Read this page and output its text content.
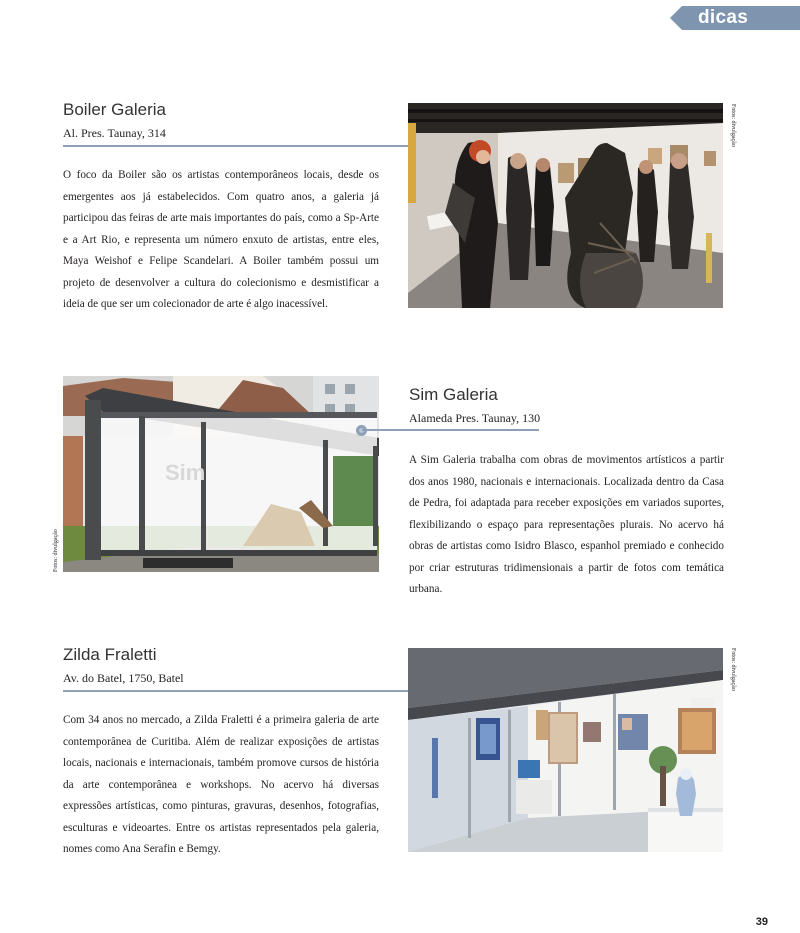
dicas
Boiler Galeria
Al. Pres. Taunay, 314
O foco da Boiler são os artistas contemporâneos locais, desde os emergentes aos já estabelecidos. Com quatro anos, a galeria já participou das feiras de arte mais importantes do país, como a Sp-Arte e a Art Rio, e representa um número enxuto de artistas, entre eles, Maya Weishof e Felipe Scandelari. A Boiler também possui um projeto de desenvolver a cultura do colecionismo e desmistificar a ideia de que ser um colecionador de arte é algo inacessível.
Fotos: divulgação
Sim
Fotos: divulgação
Sim Galeria
Alameda Pres. Taunay, 130
A Sim Galeria trabalha com obras de movimentos artísticos a partir dos anos 1980, nacionais e internacionais. Localizada dentro da Casa de Pedra, foi adaptada para receber exposições em variados suportes, flexibilizando o espaço para representações plurais. No acervo há obras de artistas como Isidro Blasco, espanhol premiado e conhecido por criar estruturas tridimensionais a partir de fotos com temática urbana.
Zilda Fraletti
Av. do Batel, 1750, Batel
Com 34 anos no mercado, a Zilda Fraletti é a primeira galeria de arte contemporânea de Curitiba. Além de realizar exposições de artistas locais, nacionais e internacionais, também promove cursos de história da arte contemporânea e workshops. No acervo há diversas expressões artísticas, como pinturas, gravuras, desenhos, fotografias, esculturas e videoartes. Entre os artistas representados pela galeria, nomes como Ana Serafin e Bemgy.
Fotos: divulgação
39
